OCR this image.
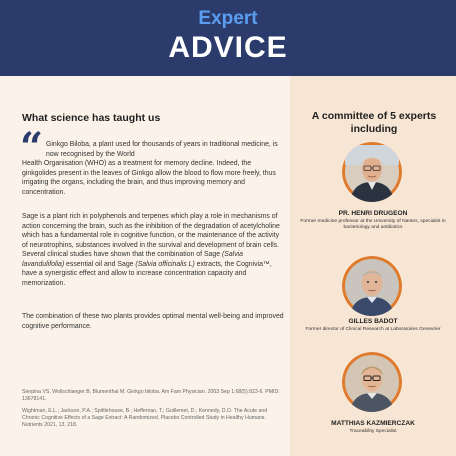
Expert
ADVICE
What science has taught us
“ Ginkgo Biloba, a plant used for thousands of years in traditional medicine, is now recognised by the World
Health Organisation (WHO) as a treatment for memory decline. Indeed, the ginkgolides present in the leaves of Ginkgo allow the blood to flow more freely, thus irrigating the organs, including the brain, and thus improving memory and concentration.

Sage is a plant rich in polyphenols and terpenes which play a role in mechanisms of action concerning the brain, such as the inhibition of the degradation of acetylcholine which has a fundamental role in cognitive function, or the maintenance of the activity of neurotrophins, substances involved in the survival and development of brain cells. Several clinical studies have shown that the combination of Sage (Salvia lavandulifolia) essential oil and Sage (Salvia officinalis L) extracts, the Cognivia™, have a synergistic effect and allow to increase concentration capacity and memorization.

The combination of these two plants provides optimal mental well-being and improved cognitive performance.

Sierpina VS, Wollschlaeger B, Blumenthal M. Ginkgo biloba. Am Fam Physician. 2003 Sep 1;68(5):923-6. PMID: 13678141.

Wightman, E.L.; Jackson, P.A.; Spittlehouse, B.; Heffernan, T.; Guillemet, D.; Kennedy, D.O. The Acute and Chronic Cognitive Effects of a Sage Extract: A Randomized, Placebo Controlled Study in Healthy Humans. Nutrients 2021, 13, 218.

A committee of 5 experts including
PR. HENRI DRUGEON
Former medicine professor at the University of Nantes, specialist in bacteriology and antibiotics
GILLES BADOT
Former director of Clinical Research at Laboratoires Genevrier
MATTHIAS KAZMIERCZAK
Traceability Specialist
